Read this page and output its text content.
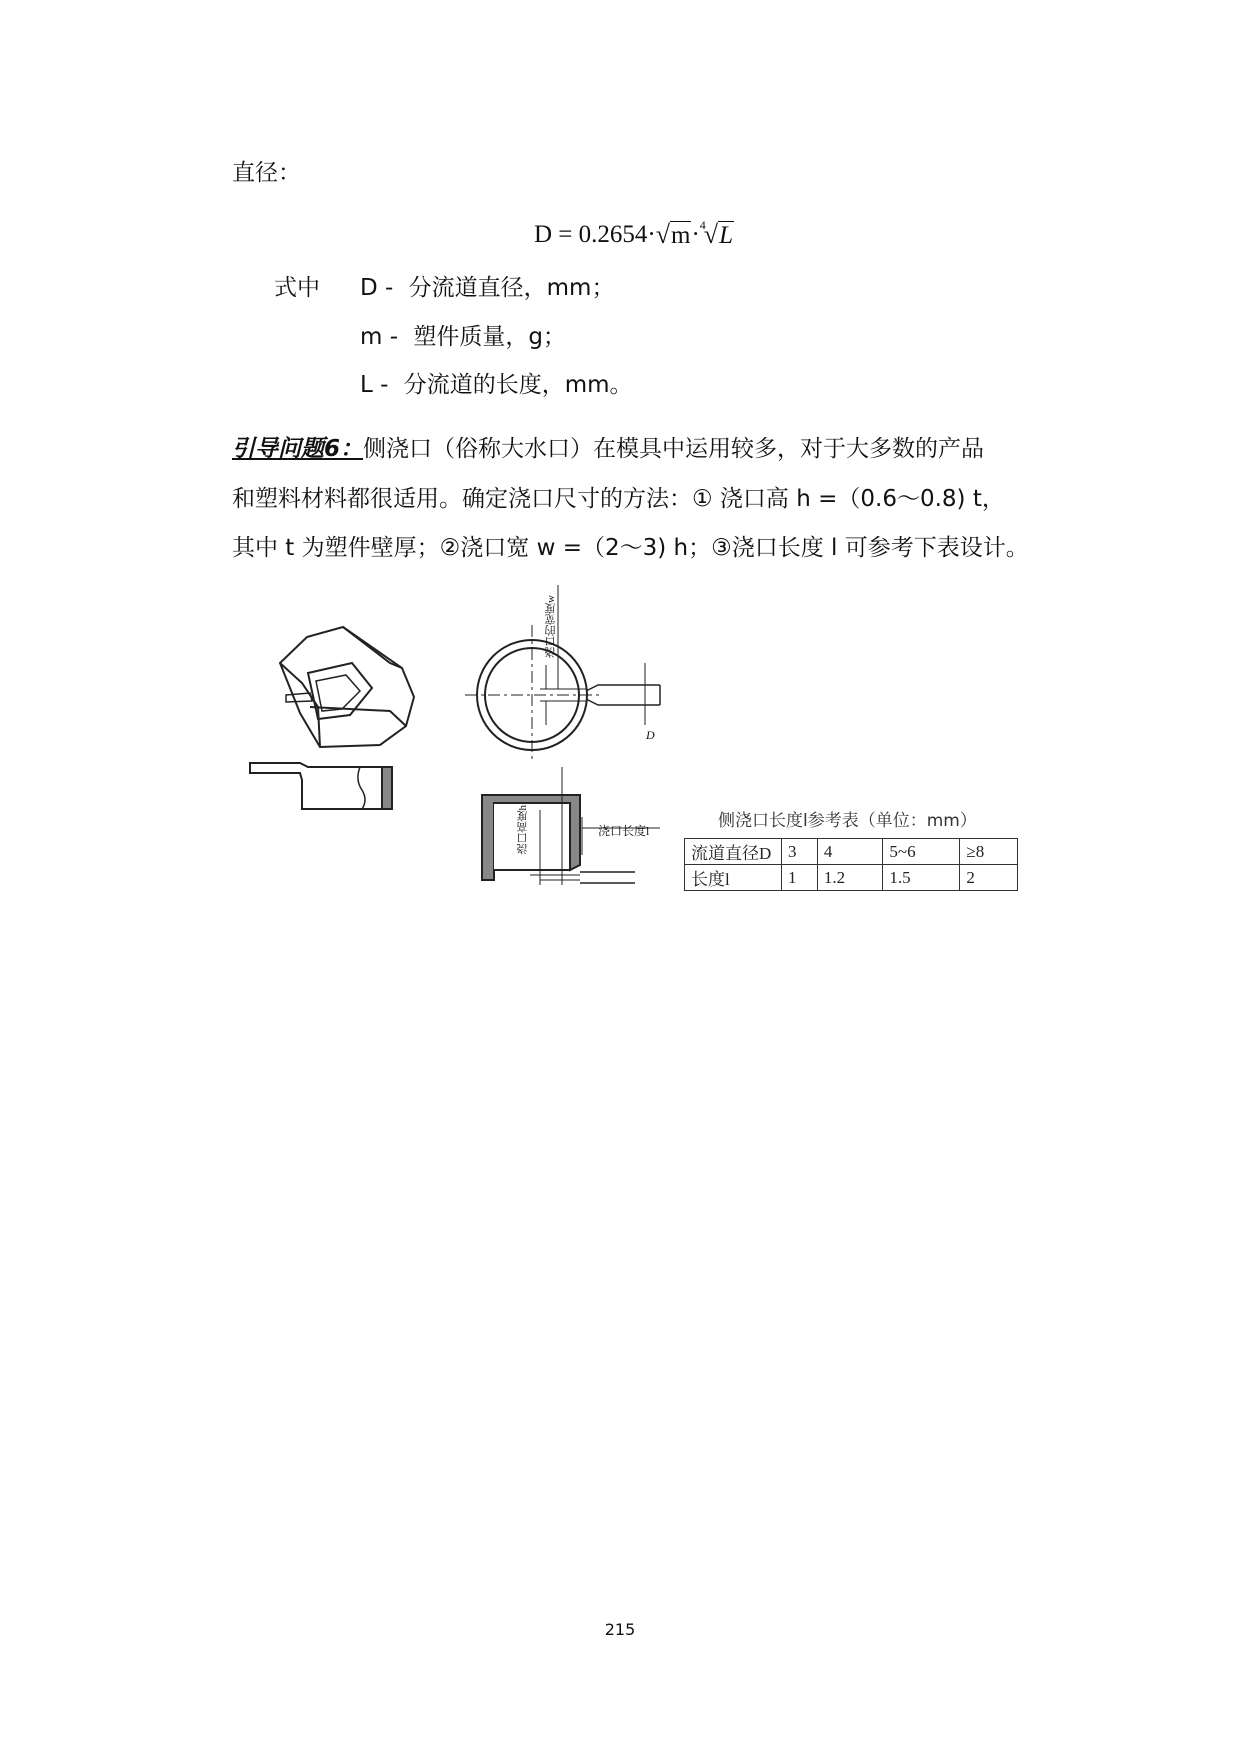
直径：
D = 0.2654· √ m · 4
√ L
式中 D - 分流道直径，mm；
m - 塑件质量，g；
L - 分流道的长度，mm。
引导问题6：侧浇口（俗称大水口）在模具中运用较多，对于大多数的产品
和塑料材料都很适用。确定浇口尺寸的方法：① 浇口高 h =（0.6～0.8) t，
其中 t 为塑件壁厚；②浇口宽 w =（2～3) h；③浇口长度 l 可参考下表设计。
浇口的宽度w
浇口高度h	浇口长度l
D
侧浇口长度l参考表（单位：mm）
流道直径D	3	4	5~6	≥8
长度l	1	1.2	1.5	2
215
